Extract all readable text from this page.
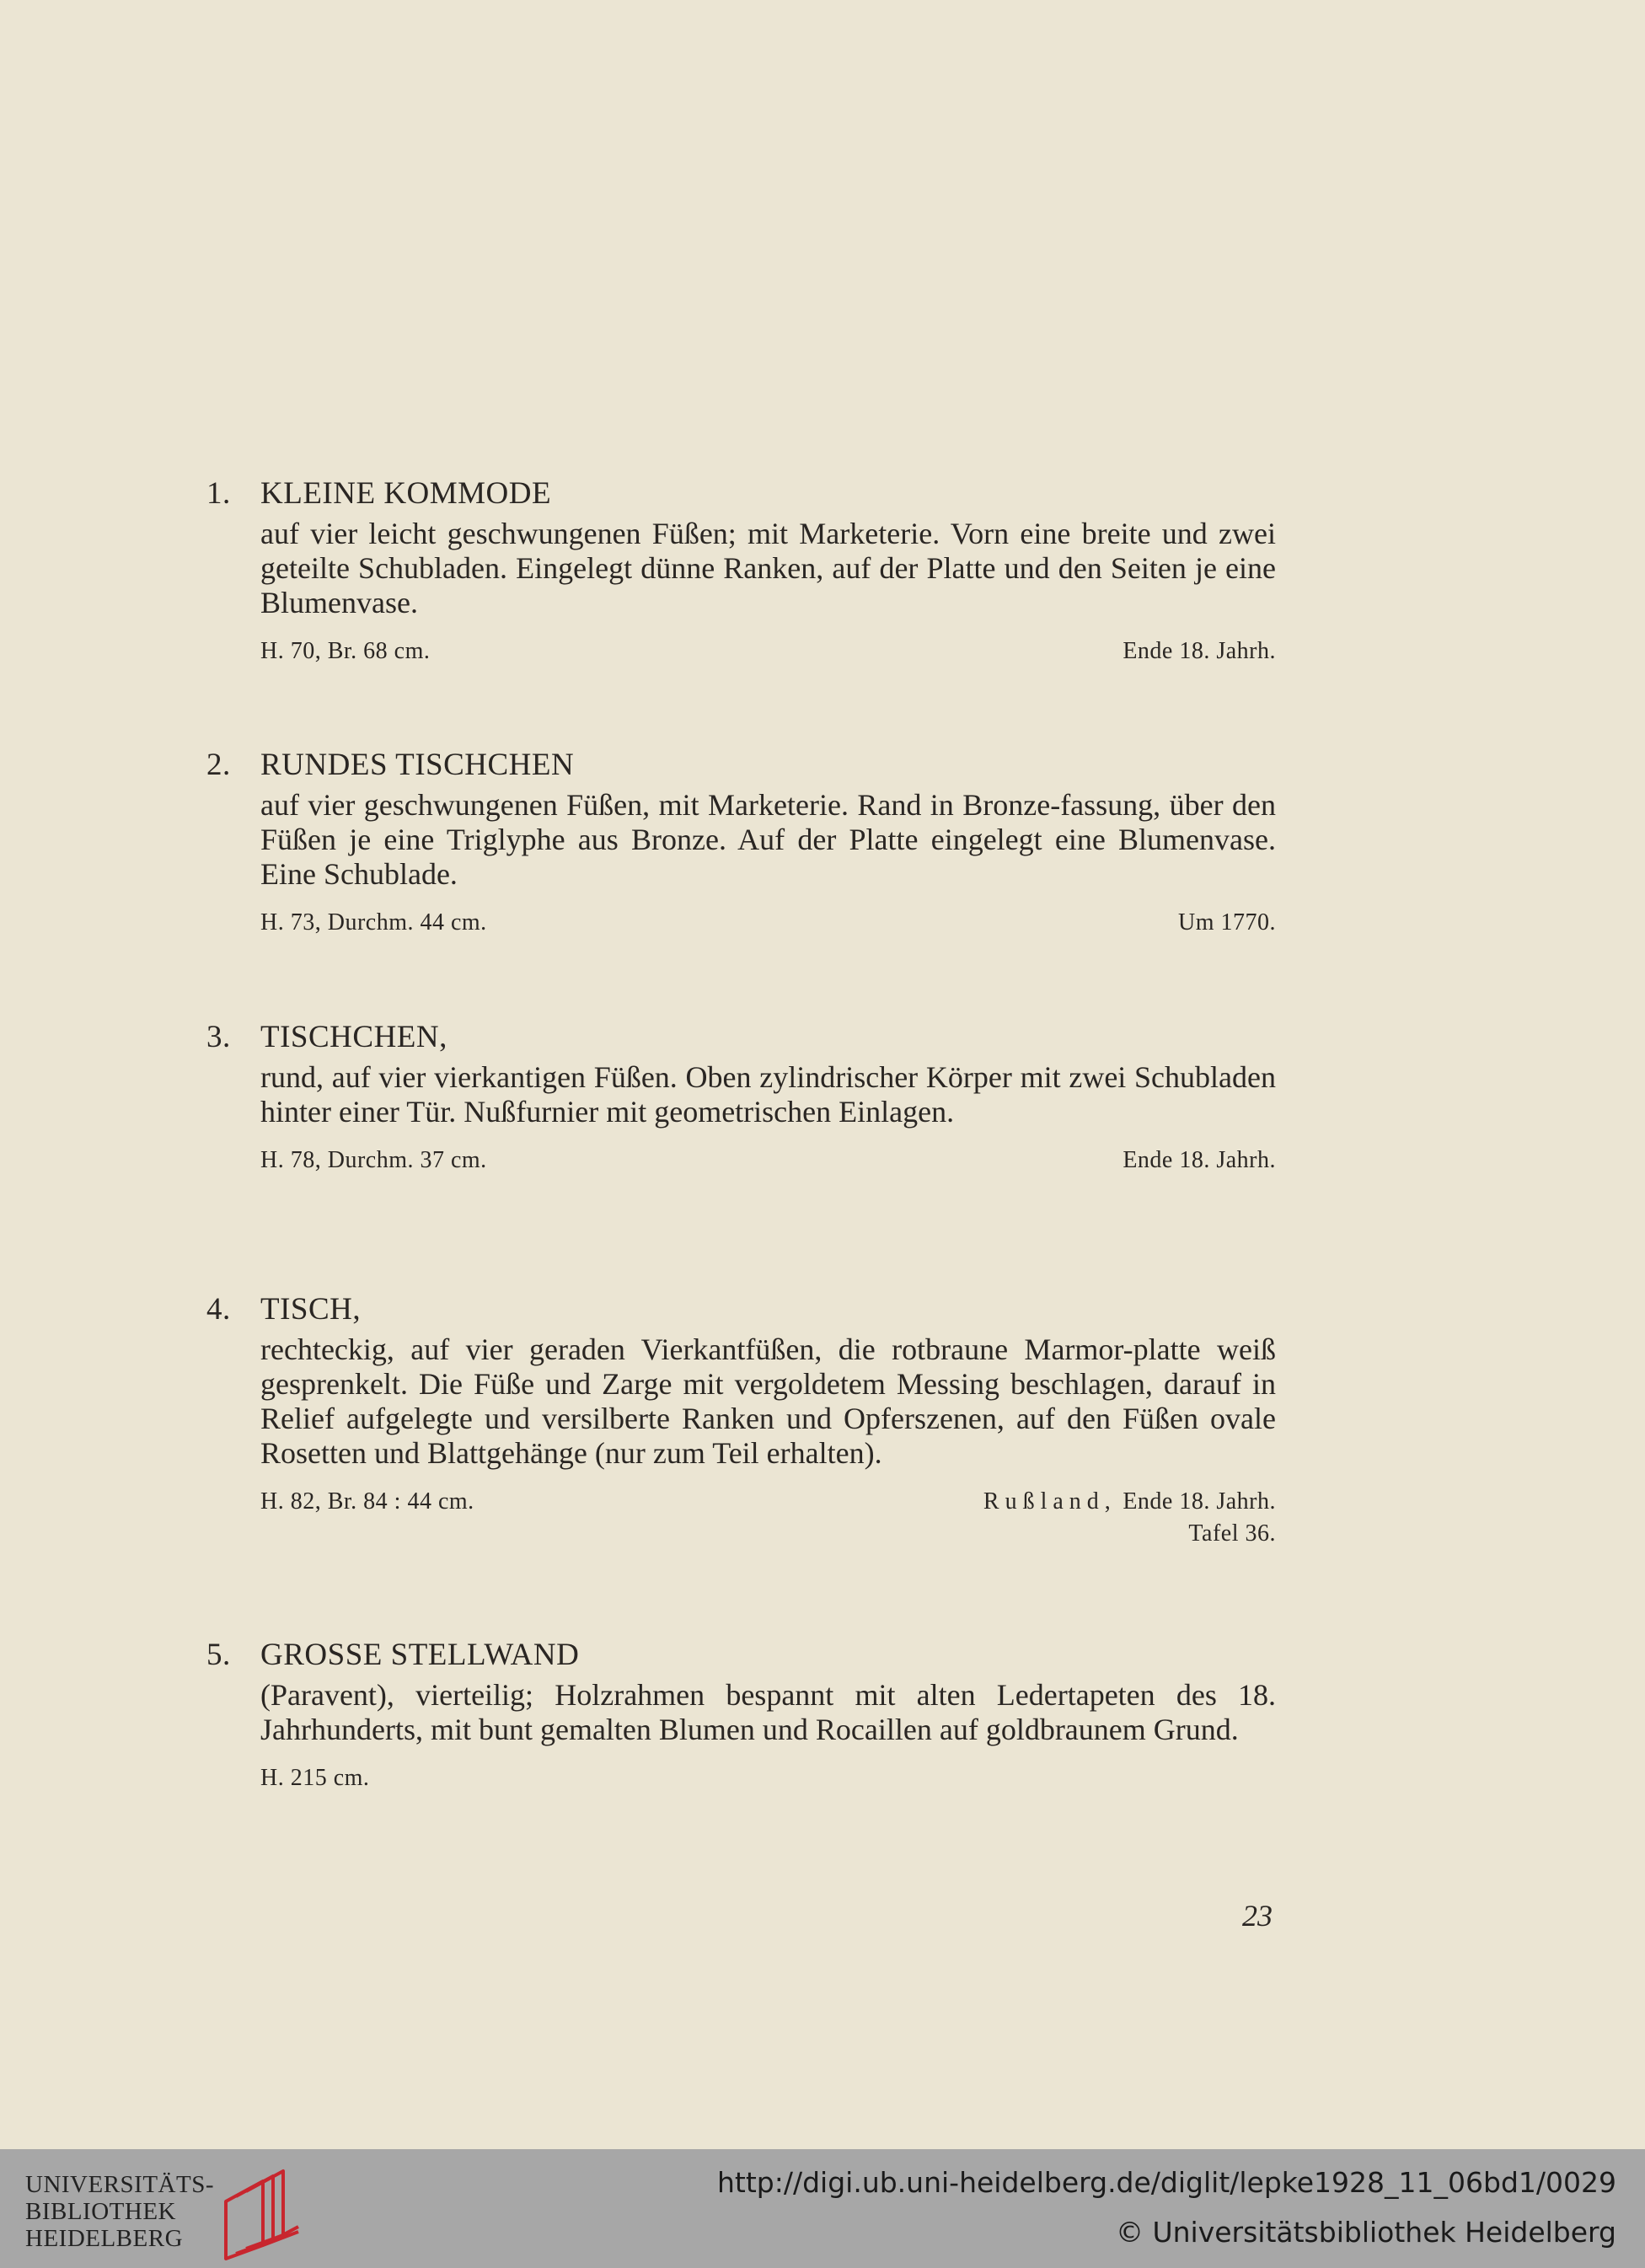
1. KLEINE KOMMODE
auf vier leicht geschwungenen Füßen; mit Marketerie. Vorn eine breite und zwei geteilte Schubladen. Eingelegt dünne Ranken, auf der Platte und den Seiten je eine Blumenvase.
H. 70, Br. 68 cm.	Ende 18. Jahrh.
2. RUNDES TISCHCHEN
auf vier geschwungenen Füßen, mit Marketerie. Rand in Bronze-fassung, über den Füßen je eine Triglyphe aus Bronze. Auf der Platte eingelegt eine Blumenvase. Eine Schublade.
H. 73, Durchm. 44 cm.	Um 1770.
3. TISCHCHEN,
rund, auf vier vierkantigen Füßen. Oben zylindrischer Körper mit zwei Schubladen hinter einer Tür. Nußfurnier mit geometrischen Einlagen.
H. 78, Durchm. 37 cm.	Ende 18. Jahrh.
4. TISCH,
rechteckig, auf vier geraden Vierkantfüßen, die rotbraune Marmor-platte weiß gesprenkelt. Die Füße und Zarge mit vergoldetem Messing beschlagen, darauf in Relief aufgelegte und versilberte Ranken und Opferszenen, auf den Füßen ovale Rosetten und Blattgehänge (nur zum Teil erhalten).
H. 82, Br. 84 : 44 cm.	Rußland, Ende 18. Jahrh.
Tafel 36.
5. GROSSE STELLWAND
(Paravent), vierteilig; Holzrahmen bespannt mit alten Ledertapeten des 18. Jahrhunderts, mit bunt gemalten Blumen und Rocaillen auf goldbraunem Grund.
H. 215 cm.
23
UNIVERSITÄTS-
BIBLIOTHEK
HEIDELBERG
http://digi.ub.uni-heidelberg.de/diglit/lepke1928_11_06bd1/0029
© Universitätsbibliothek Heidelberg
